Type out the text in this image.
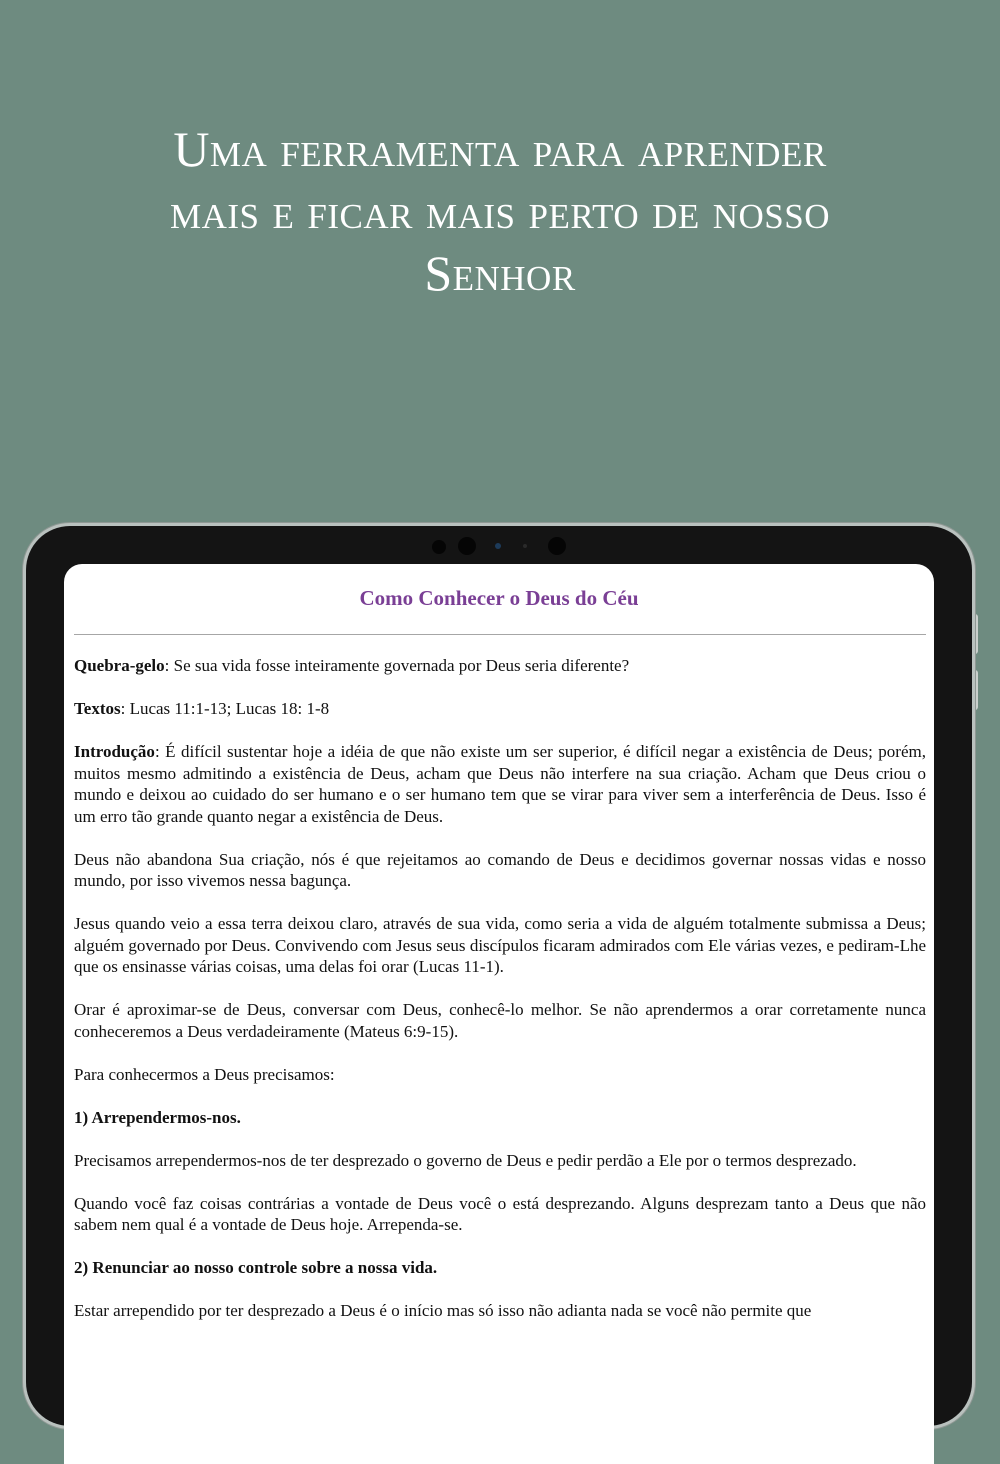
Uma ferramenta para aprender
mais e ficar mais perto de nosso
Senhor
Como Conhecer o Deus do Céu

Quebra-gelo: Se sua vida fosse inteiramente governada por Deus seria diferente?

Textos: Lucas 11:1-13; Lucas 18: 1-8

Introdução: É difícil sustentar hoje a idéia de que não existe um ser superior, é difícil negar a existência de Deus; porém, muitos mesmo admitindo a existência de Deus, acham que Deus não interfere na sua criação. Acham que Deus criou o mundo e deixou ao cuidado do ser humano e o ser humano tem que se virar para viver sem a interferência de Deus. Isso é um erro tão grande quanto negar a existência de Deus.

Deus não abandona Sua criação, nós é que rejeitamos ao comando de Deus e decidimos governar nossas vidas e nosso mundo, por isso vivemos nessa bagunça.

Jesus quando veio a essa terra deixou claro, através de sua vida, como seria a vida de alguém totalmente submissa a Deus; alguém governado por Deus. Convivendo com Jesus seus discípulos ficaram admirados com Ele várias vezes, e pediram-Lhe que os ensinasse várias coisas, uma delas foi orar (Lucas 11-1).

Orar é aproximar-se de Deus, conversar com Deus, conhecê-lo melhor. Se não aprendermos a orar corretamente nunca conheceremos a Deus verdadeiramente (Mateus 6:9-15).

Para conhecermos a Deus precisamos:

1) Arrependermos-nos.

Precisamos arrependermos-nos de ter desprezado o governo de Deus e pedir perdão a Ele por o termos desprezado.

Quando você faz coisas contrárias a vontade de Deus você o está desprezando. Alguns desprezam tanto a Deus que não sabem nem qual é a vontade de Deus hoje. Arrependa-se.

2) Renunciar ao nosso controle sobre a nossa vida.

Estar arrependido por ter desprezado a Deus é o início mas só isso não adianta nada se você não permite que
